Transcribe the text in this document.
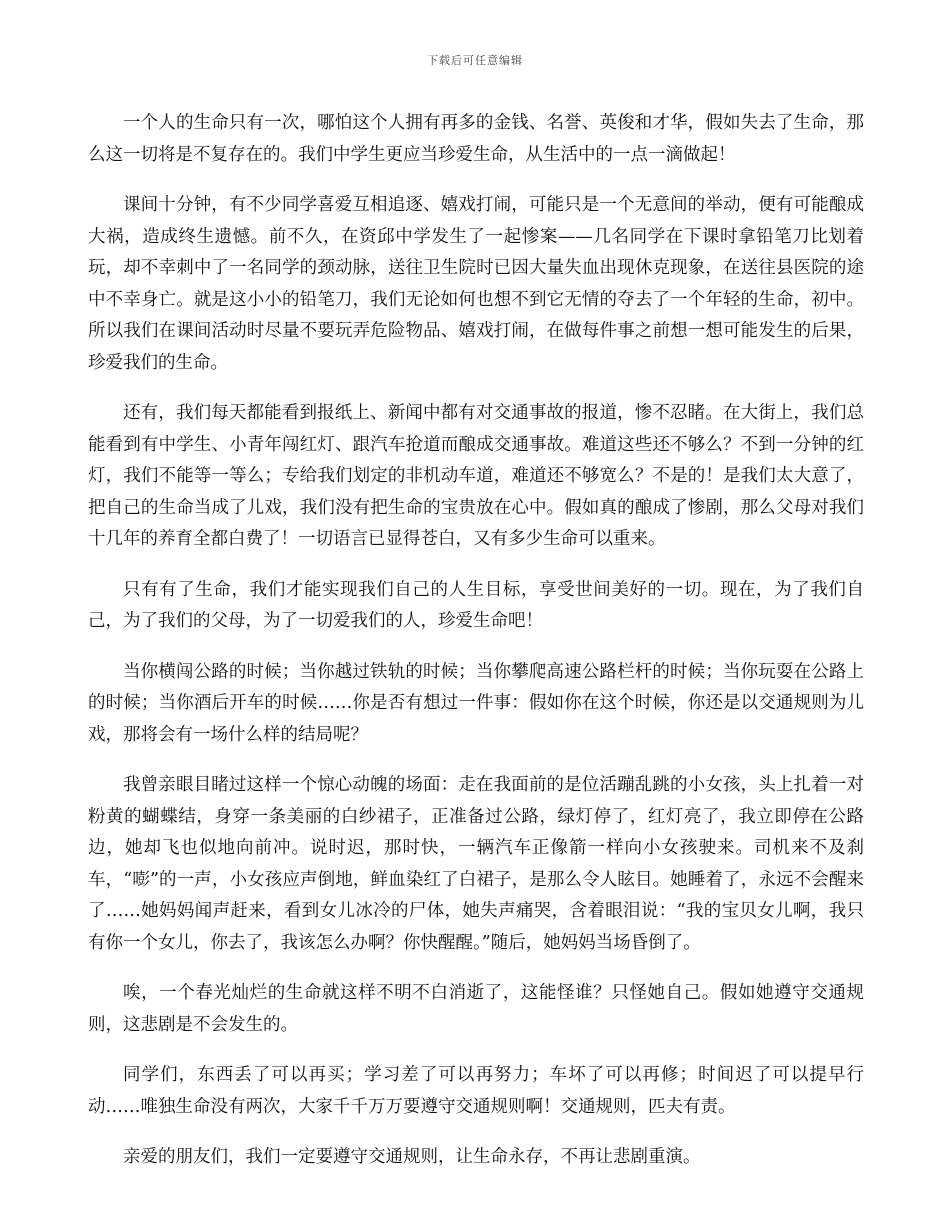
下载后可任意编辑

一个人的生命只有一次，哪怕这个人拥有再多的金钱、名誉、英俊和才华，假如失去了生命，那么这一切将是不复存在的。我们中学生更应当珍爱生命，从生活中的一点一滴做起！

课间十分钟，有不少同学喜爱互相追逐、嬉戏打闹，可能只是一个无意间的举动，便有可能酿成大祸，造成终生遗憾。前不久，在资邱中学发生了一起惨案——几名同学在下课时拿铅笔刀比划着玩，却不幸刺中了一名同学的颈动脉，送往卫生院时已因大量失血出现休克现象，在送往县医院的途中不幸身亡。就是这小小的铅笔刀，我们无论如何也想不到它无情的夺去了一个年轻的生命，初中。所以我们在课间活动时尽量不要玩弄危险物品、嬉戏打闹，在做每件事之前想一想可能发生的后果，珍爱我们的生命。

还有，我们每天都能看到报纸上、新闻中都有对交通事故的报道，惨不忍睹。在大街上，我们总能看到有中学生、小青年闯红灯、跟汽车抢道而酿成交通事故。难道这些还不够么？不到一分钟的红灯，我们不能等一等么；专给我们划定的非机动车道，难道还不够宽么？不是的！是我们太大意了，把自己的生命当成了儿戏，我们没有把生命的宝贵放在心中。假如真的酿成了惨剧，那么父母对我们十几年的养育全都白费了！一切语言已显得苍白，又有多少生命可以重来。

只有有了生命，我们才能实现我们自己的人生目标，享受世间美好的一切。现在，为了我们自己，为了我们的父母，为了一切爱我们的人，珍爱生命吧！

当你横闯公路的时候；当你越过铁轨的时候；当你攀爬高速公路栏杆的时候；当你玩耍在公路上的时候；当你酒后开车的时候……你是否有想过一件事：假如你在这个时候，你还是以交通规则为儿戏，那将会有一场什么样的结局呢？

我曾亲眼目睹过这样一个惊心动魄的场面：走在我面前的是位活蹦乱跳的小女孩，头上扎着一对粉黄的蝴蝶结，身穿一条美丽的白纱裙子，正准备过公路，绿灯停了，红灯亮了，我立即停在公路边，她却飞也似地向前冲。说时迟，那时快，一辆汽车正像箭一样向小女孩驶来。司机来不及刹车，“嘭”的一声，小女孩应声倒地，鲜血染红了白裙子，是那么令人眩目。她睡着了，永远不会醒来了……她妈妈闻声赶来，看到女儿冰冷的尸体，她失声痛哭，含着眼泪说：“我的宝贝女儿啊，我只有你一个女儿，你去了，我该怎么办啊？你快醒醒。”随后，她妈妈当场昏倒了。

唉，一个春光灿烂的生命就这样不明不白消逝了，这能怪谁？只怪她自己。假如她遵守交通规则，这悲剧是不会发生的。

同学们，东西丢了可以再买；学习差了可以再努力；车坏了可以再修；时间迟了可以提早行动……唯独生命没有两次，大家千千万万要遵守交通规则啊！交通规则，匹夫有责。

亲爱的朋友们，我们一定要遵守交通规则，让生命永存，不再让悲剧重演。
